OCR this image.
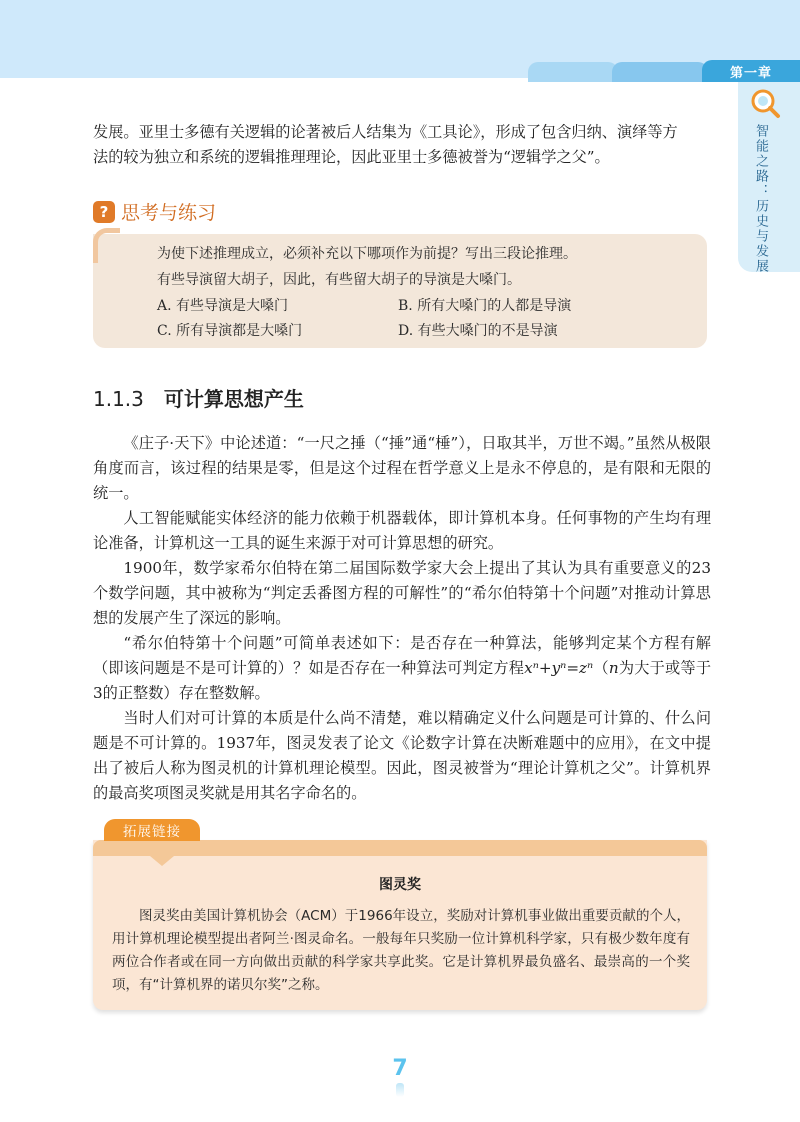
第一章
智能之路：历史与发展

发展。亚里士多德有关逻辑的论著被后人结集为《工具论》，形成了包含归纳、演绎等方
法的较为独立和系统的逻辑推理理论，因此亚里士多德被誉为“逻辑学之父”。

? 思考与练习
为使下述推理成立，必须补充以下哪项作为前提？写出三段论推理。
有些导演留大胡子，因此，有些留大胡子的导演是大嗓门。
A. 有些导演是大嗓门	B. 所有大嗓门的人都是导演
C. 所有导演都是大嗓门	D. 有些大嗓门的不是导演
1.1.3 可计算思想产生

《庄子·天下》中论述道：“一尺之捶（“捶”通“棰”），日取其半，万世不竭。”虽然从极限角度而言，该过程的结果是零，但是这个过程在哲学意义上是永不停息的，是有限和无限的统一。

人工智能赋能实体经济的能力依赖于机器载体，即计算机本身。任何事物的产生均有理论准备，计算机这一工具的诞生来源于对可计算思想的研究。

1900年，数学家希尔伯特在第二届国际数学家大会上提出了其认为具有重要意义的23个数学问题，其中被称为“判定丢番图方程的可解性”的“希尔伯特第十个问题”对推动计算思想的发展产生了深远的影响。

“希尔伯特第十个问题”可简单表述如下：是否存在一种算法，能够判定某个方程有解（即该问题是不是可计算的）？如是否存在一种算法可判定方程xⁿ+yⁿ=zⁿ（n为大于或等于3的正整数）存在整数解。

当时人们对可计算的本质是什么尚不清楚，难以精确定义什么问题是可计算的、什么问题是不可计算的。1937年，图灵发表了论文《论数字计算在决断难题中的应用》，在文中提出了被后人称为图灵机的计算机理论模型。因此，图灵被誉为“理论计算机之父”。计算机界的最高奖项图灵奖就是用其名字命名的。

拓展链接
图灵奖

图灵奖由美国计算机协会（ACM）于1966年设立，奖励对计算机事业做出重要贡献的个人，用计算机理论模型提出者阿兰·图灵命名。一般每年只奖励一位计算机科学家，只有极少数年度有两位合作者或在同一方向做出贡献的科学家共享此奖。它是计算机界最负盛名、最崇高的一个奖项，有“计算机界的诺贝尔奖”之称。

7
